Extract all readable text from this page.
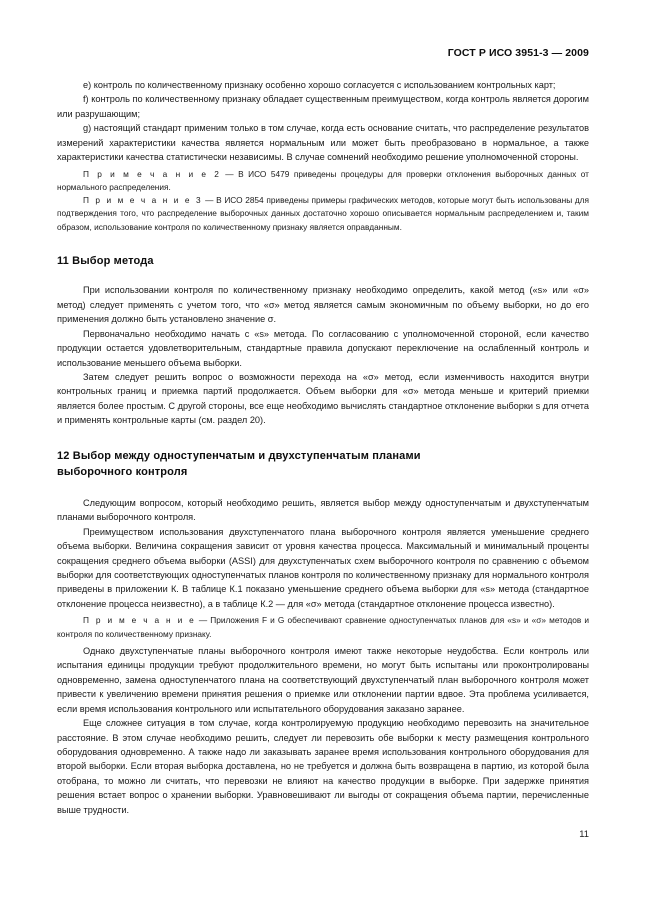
ГОСТ Р ИСО 3951-3 — 2009

е) контроль по количественному признаку особенно хорошо согласуется с использованием контрольных карт;

f) контроль по количественному признаку обладает существенным преимуществом, когда контроль является дорогим или разрушающим;

g) настоящий стандарт применим только в том случае, когда есть основание считать, что распределение результатов измерений характеристики качества является нормальным или может быть преобразовано в нормальное, а также характеристики качества статистически независимы. В случае сомнений необходимо решение уполномоченной стороны.

П р и м е ч а н и е 2 — В ИСО 5479 приведены процедуры для проверки отклонения выборочных данных от нормального распределения.

П р и м е ч а н и е 3 — В ИСО 2854 приведены примеры графических методов, которые могут быть использованы для подтверждения того, что распределение выборочных данных достаточно хорошо описывается нормальным распределением и, таким образом, использование контроля по количественному признаку является оправданным.

11 Выбор метода

При использовании контроля по количественному признаку необходимо определить, какой метод («s» или «σ» метод) следует применять с учетом того, что «σ» метод является самым экономичным по объему выборки, но до его применения должно быть установлено значение σ.

Первоначально необходимо начать с «s» метода. По согласованию с уполномоченной стороной, если качество продукции остается удовлетворительным, стандартные правила допускают переключение на ослабленный контроль и использование меньшего объема выборки.

Затем следует решить вопрос о возможности перехода на «σ» метод, если изменчивость находится внутри контрольных границ и приемка партий продолжается. Объем выборки для «σ» метода меньше и критерий приемки является более простым. С другой стороны, все еще необходимо вычислять стандартное отклонение выборки s для отчета и применять контрольные карты (см. раздел 20).

12 Выбор между одноступенчатым и двухступенчатым планами
выборочного контроля

Следующим вопросом, который необходимо решить, является выбор между одноступенчатым и двухступенчатым планами выборочного контроля.

Преимуществом использования двухступенчатого плана выборочного контроля является уменьшение среднего объема выборки. Величина сокращения зависит от уровня качества процесса. Максимальный и минимальный проценты сокращения среднего объема выборки (ASSI) для двухступенчатых схем выборочного контроля по сравнению с объемом выборки для соответствующих одноступенчатых планов контроля по количественному признаку для нормального контроля приведены в приложении К. В таблице К.1 показано уменьшение среднего объема выборки для «s» метода (стандартное отклонение процесса неизвестно), а в таблице К.2 — для «σ» метода (стандартное отклонение процесса известно).

П р и м е ч а н и е — Приложения F и G обеспечивают сравнение одноступенчатых планов для «s» и «σ» методов и контроля по количественному признаку.

Однако двухступенчатые планы выборочного контроля имеют также некоторые неудобства. Если контроль или испытания единицы продукции требуют продолжительного времени, но могут быть испытаны или проконтролированы одновременно, замена одноступенчатого плана на соответствующий двухступенчатый план выборочного контроля может привести к увеличению времени принятия решения о приемке или отклонении партии вдвое. Эта проблема усиливается, если время использования контрольного или испытательного оборудования заказано заранее.

Еще сложнее ситуация в том случае, когда контролируемую продукцию необходимо перевозить на значительное расстояние. В этом случае необходимо решить, следует ли перевозить обе выборки к месту размещения контрольного оборудования одновременно. А также надо ли заказывать заранее время использования контрольного оборудования для второй выборки. Если вторая выборка доставлена, но не требуется и должна быть возвращена в партию, из которой была отобрана, то можно ли считать, что перевозки не влияют на качество продукции в выборке. При задержке принятия решения встает вопрос о хранении выборки. Уравновешивают ли выгоды от сокращения объема партии, перечисленные выше трудности.

11
